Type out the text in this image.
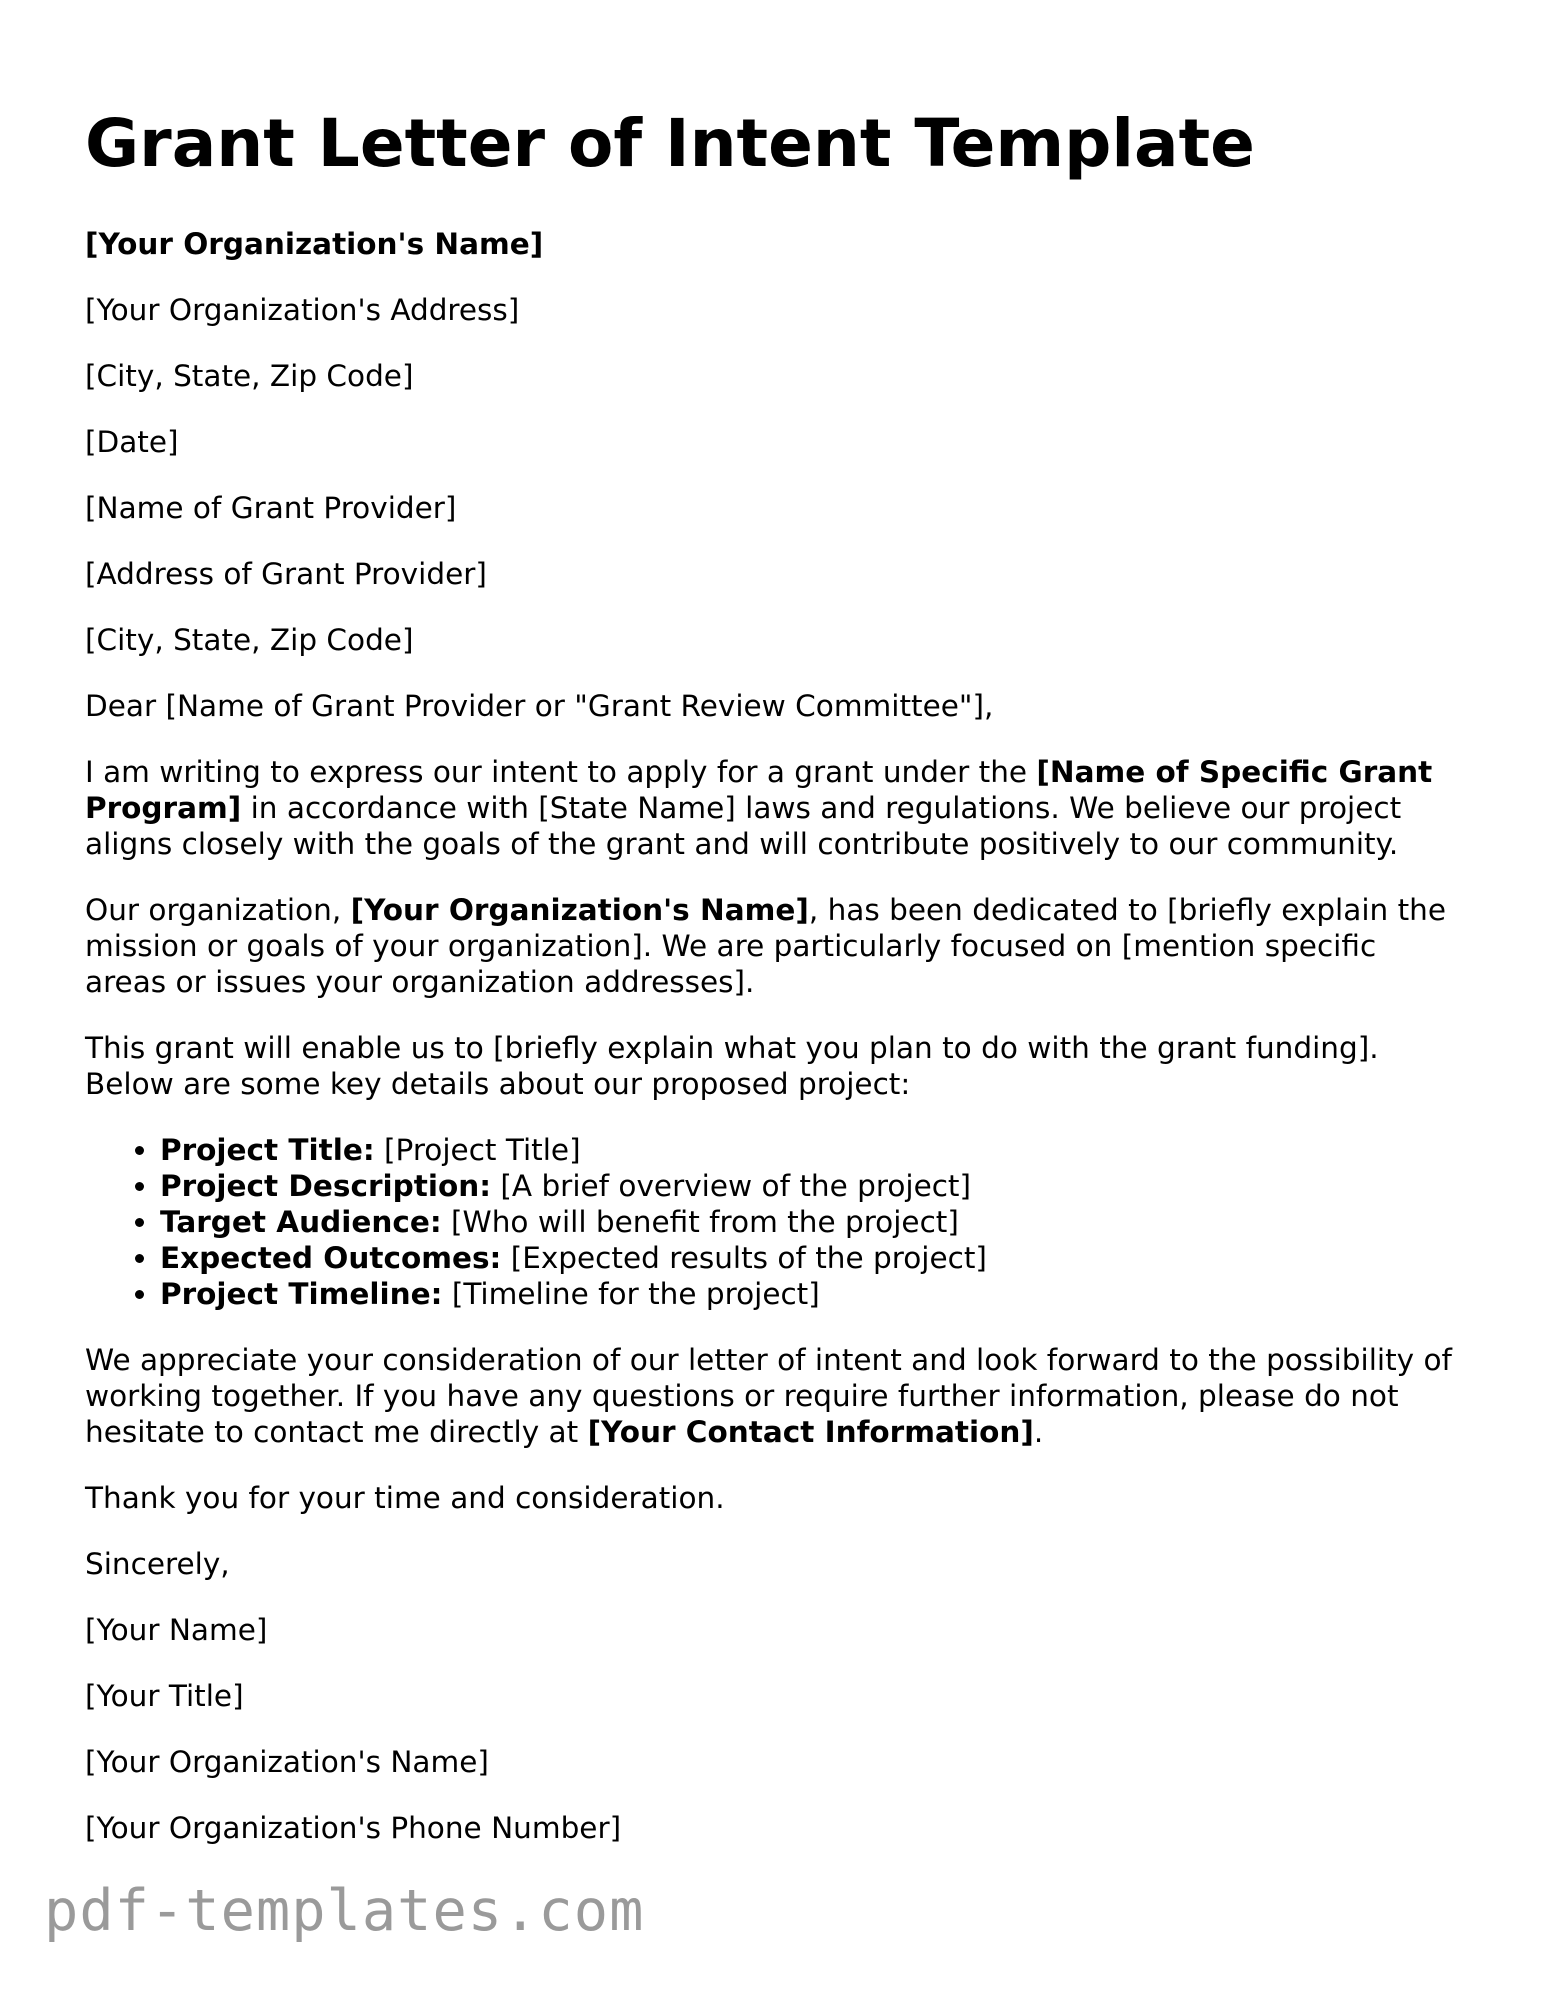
Grant Letter of Intent Template

[Your Organization's Name]

[Your Organization's Address]

[City, State, Zip Code]

[Date]

[Name of Grant Provider]

[Address of Grant Provider]

[City, State, Zip Code]

Dear [Name of Grant Provider or "Grant Review Committee"],

I am writing to express our intent to apply for a grant under the [Name of Specific Grant Program] in accordance with [State Name] laws and regulations. We believe our project aligns closely with the goals of the grant and will contribute positively to our community.

Our organization, [Your Organization's Name], has been dedicated to [briefly explain the mission or goals of your organization]. We are particularly focused on [mention specific areas or issues your organization addresses].

This grant will enable us to [briefly explain what you plan to do with the grant funding]. Below are some key details about our proposed project:

• Project Title: [Project Title]
• Project Description: [A brief overview of the project]
• Target Audience: [Who will benefit from the project]
• Expected Outcomes: [Expected results of the project]
• Project Timeline: [Timeline for the project]

We appreciate your consideration of our letter of intent and look forward to the possibility of working together. If you have any questions or require further information, please do not hesitate to contact me directly at [Your Contact Information].

Thank you for your time and consideration.

Sincerely,

[Your Name]

[Your Title]

[Your Organization's Name]

[Your Organization's Phone Number]

pdf-templates.com
